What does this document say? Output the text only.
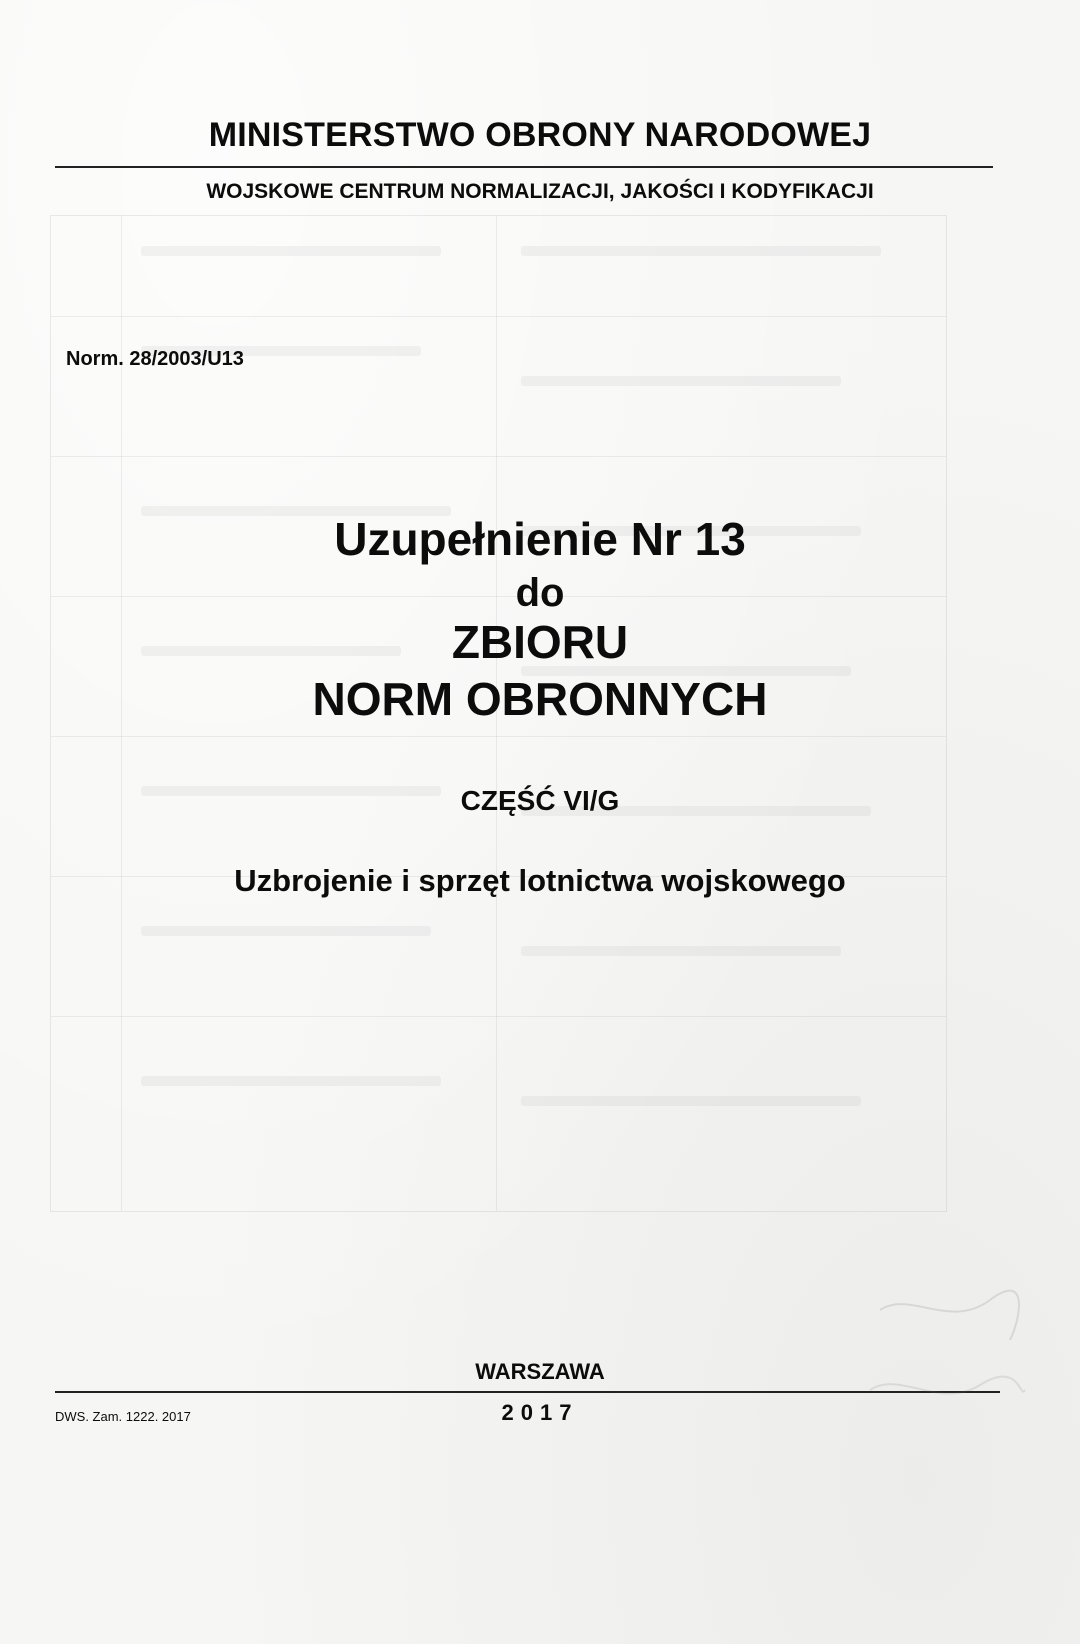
MINISTERSTWO OBRONY NARODOWEJ
WOJSKOWE CENTRUM NORMALIZACJI, JAKOŚCI I KODYFIKACJI
Norm. 28/2003/U13
Uzupełnienie Nr 13
do
ZBIORU
NORM OBRONNYCH
CZĘŚĆ VI/G
Uzbrojenie i sprzęt lotnictwa wojskowego
WARSZAWA
2017
DWS. Zam. 1222. 2017
